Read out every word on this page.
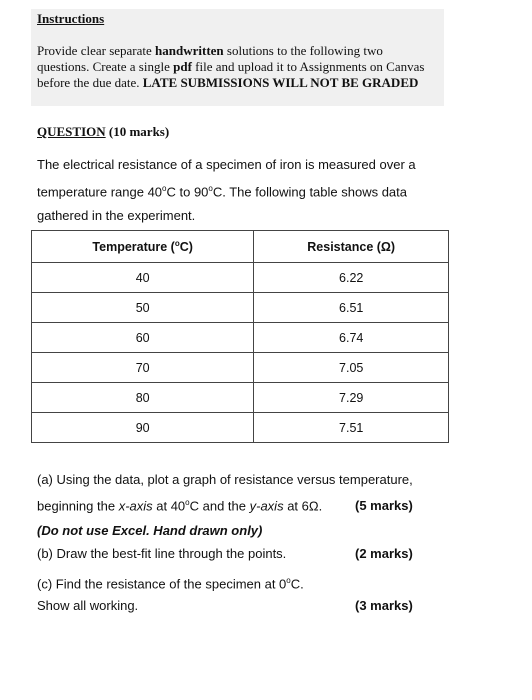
Instructions
Provide clear separate handwritten solutions to the following two questions. Create a single pdf file and upload it to Assignments on Canvas before the due date. LATE SUBMISSIONS WILL NOT BE GRADED
QUESTION (10 marks)
The electrical resistance of a specimen of iron is measured over a temperature range 40$^o$C to 90$^o$C. The following table shows data gathered in the experiment.
Temperature ($^o$C)	Resistance (Ω)
40	6.22
50	6.51
60	6.74
70	7.05
80	7.29
90	7.51
(a) Using the data, plot a graph of resistance versus temperature,
beginning the x-axis at 40$^o$C and the y-axis at 6Ω.	(5 marks)
(Do not use Excel. Hand drawn only)
(b) Draw the best-fit line through the points.	(2 marks)
(c) Find the resistance of the specimen at 0$^o$C.
Show all working.	(3 marks)
